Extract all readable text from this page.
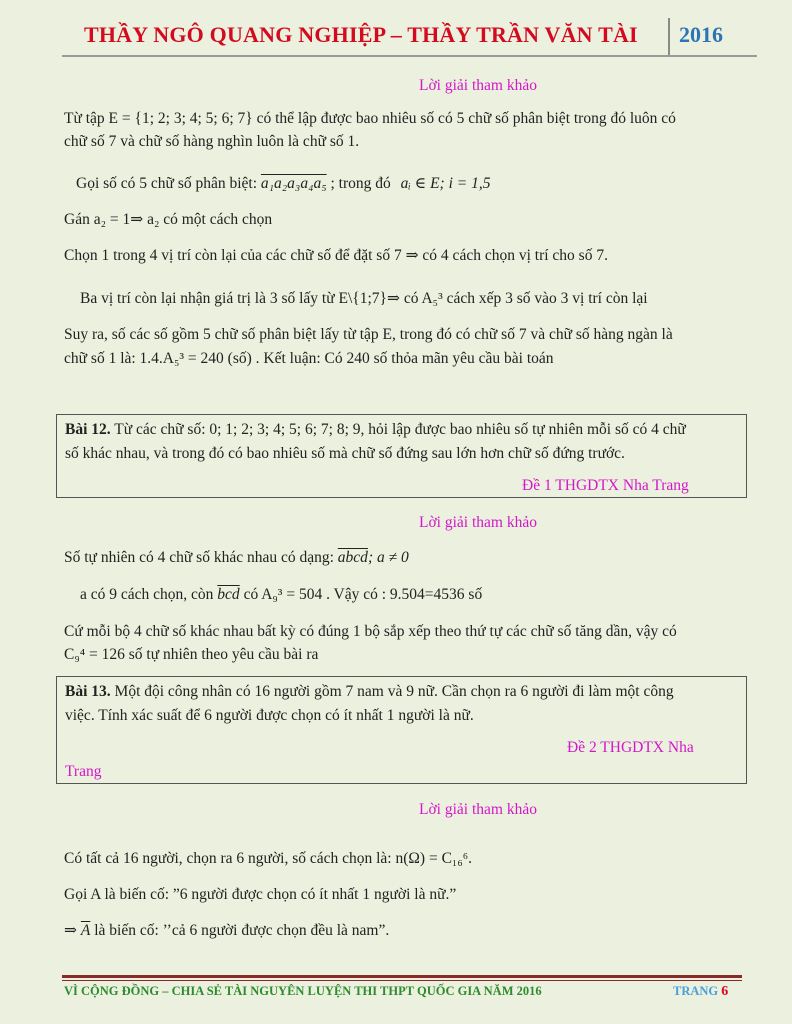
THẦY NGÔ QUANG NGHIỆP – THẦY TRẦN VĂN TÀI 2016
Lời giải tham khảo
Từ tập E = {1; 2; 3; 4; 5; 6; 7} có thể lập được bao nhiêu số có 5 chữ số phân biệt trong đó luôn có
chữ số 7 và chữ số hàng nghìn luôn là chữ số 1.
Gọi số có 5 chữ số phân biệt: a₁a₂a₃a₄a₅ ; trong đó aᵢ ∈ E; i = 1,5
Gán a₂ = 1⇒ a₂ có một cách chọn
Chọn 1 trong 4 vị trí còn lại của các chữ số để đặt số 7 ⇒ có 4 cách chọn vị trí cho số 7.
Ba vị trí còn lại nhận giá trị là 3 số lấy từ E\{1;7}⇒ có A₅³ cách xếp 3 số vào 3 vị trí còn lại
Suy ra, số các số gồm 5 chữ số phân biệt lấy từ tập E, trong đó có chữ số 7 và chữ số hàng ngàn là
chữ số 1 là: 1.4.A₅³ = 240 (số) . Kết luận: Có 240 số thỏa mãn yêu cầu bài toán
Bài 12. Từ các chữ số: 0; 1; 2; 3; 4; 5; 6; 7; 8; 9, hỏi lập được bao nhiêu số tự nhiên mỗi số có 4 chữ
số khác nhau, và trong đó có bao nhiêu số mà chữ số đứng sau lớn hơn chữ số đứng trước.
Đề 1 THGDTX Nha Trang
Lời giải tham khảo
Số tự nhiên có 4 chữ số khác nhau có dạng: abcd; a ≠ 0
a có 9 cách chọn, còn $\overline{bcd}$ có A₉³ = 504 . Vậy có : 9.504=4536 số
Cứ mỗi bộ 4 chữ số khác nhau bất kỳ có đúng 1 bộ sắp xếp theo thứ tự các chữ số tăng dần, vậy có
C₉⁴ = 126 số tự nhiên theo yêu cầu bài ra
Bài 13. Một đội công nhân có 16 người gồm 7 nam và 9 nữ. Cần chọn ra 6 người đi làm một công
việc. Tính xác suất để 6 người được chọn có ít nhất 1 người là nữ.
Đề 2 THGDTX Nha
Trang
Lời giải tham khảo
Có tất cả 16 người, chọn ra 6 người, số cách chọn là: n(Ω) = C₁₆⁶.
Gọi A là biến cố: ”6 người được chọn có ít nhất 1 người là nữ.”
⇒ $\overline{A}$ là biến cố: ’’cả 6 người được chọn đều là nam”.
VÌ CỘNG ĐỒNG – CHIA SẺ TÀI NGUYÊN LUYỆN THI THPT QUỐC GIA NĂM 2016	TRANG 6
